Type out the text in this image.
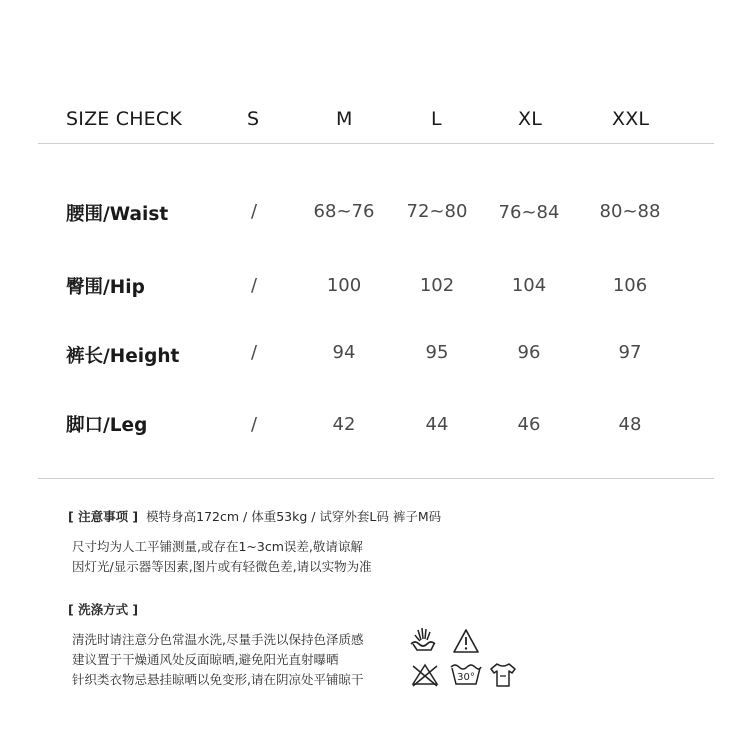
SIZE CHECK	S	M	L	XL	XXL
腰围/Waist	/	68~76	72~80	76~84	80~88
臀围/Hip	/	100	102	104	106
裤长/Height	/	94	95	96	97
脚口/Leg	/	42	44	46	48
[ 注意事项 ] 模特身高172cm / 体重53kg / 试穿外套L码 裤子M码
尺寸均为人工平铺测量,或存在1~3cm误差,敬请谅解
因灯光/显示器等因素,图片或有轻微色差,请以实物为准
[ 洗涤方式 ]
清洗时请注意分色常温水洗,尽量手洗以保持色泽质感
建议置于干燥通风处反面晾晒,避免阳光直射曝晒
针织类衣物忌悬挂晾晒以免变形,请在阴凉处平铺晾干	30°
